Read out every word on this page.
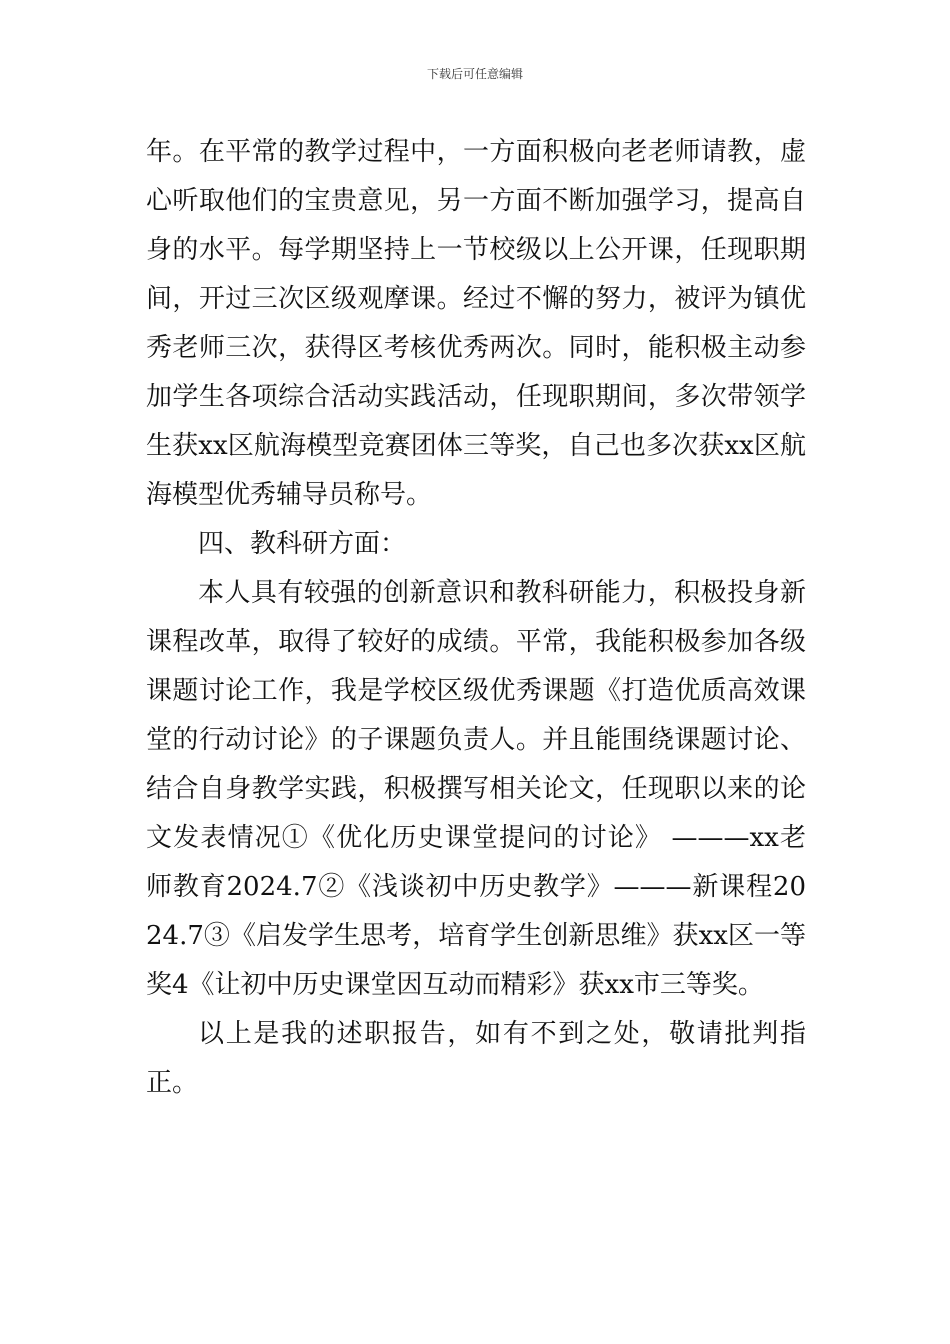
下载后可任意编辑

年。在平常的教学过程中，一方面积极向老老师请教，虚心听取他们的宝贵意见，另一方面不断加强学习，提高自身的水平。每学期坚持上一节校级以上公开课，任现职期间，开过三次区级观摩课。经过不懈的努力，被评为镇优秀老师三次，获得区考核优秀两次。同时，能积极主动参加学生各项综合活动实践活动，任现职期间，多次带领学生获xx区航海模型竞赛团体三等奖，自己也多次获xx区航海模型优秀辅导员称号。

四、教科研方面：

本人具有较强的创新意识和教科研能力，积极投身新课程改革，取得了较好的成绩。平常，我能积极参加各级课题讨论工作，我是学校区级优秀课题《打造优质高效课堂的行动讨论》的子课题负责人。并且能围绕课题讨论、结合自身教学实践，积极撰写相关论文，任现职以来的论文发表情况①《优化历史课堂提问的讨论》 ———xx老师教育2024.7②《浅谈初中历史教学》———新课程2024.7③《启发学生思考，培育学生创新思维》获xx区一等奖4《让初中历史课堂因互动而精彩》获xx市三等奖。

以上是我的述职报告，如有不到之处，敬请批判指正。
